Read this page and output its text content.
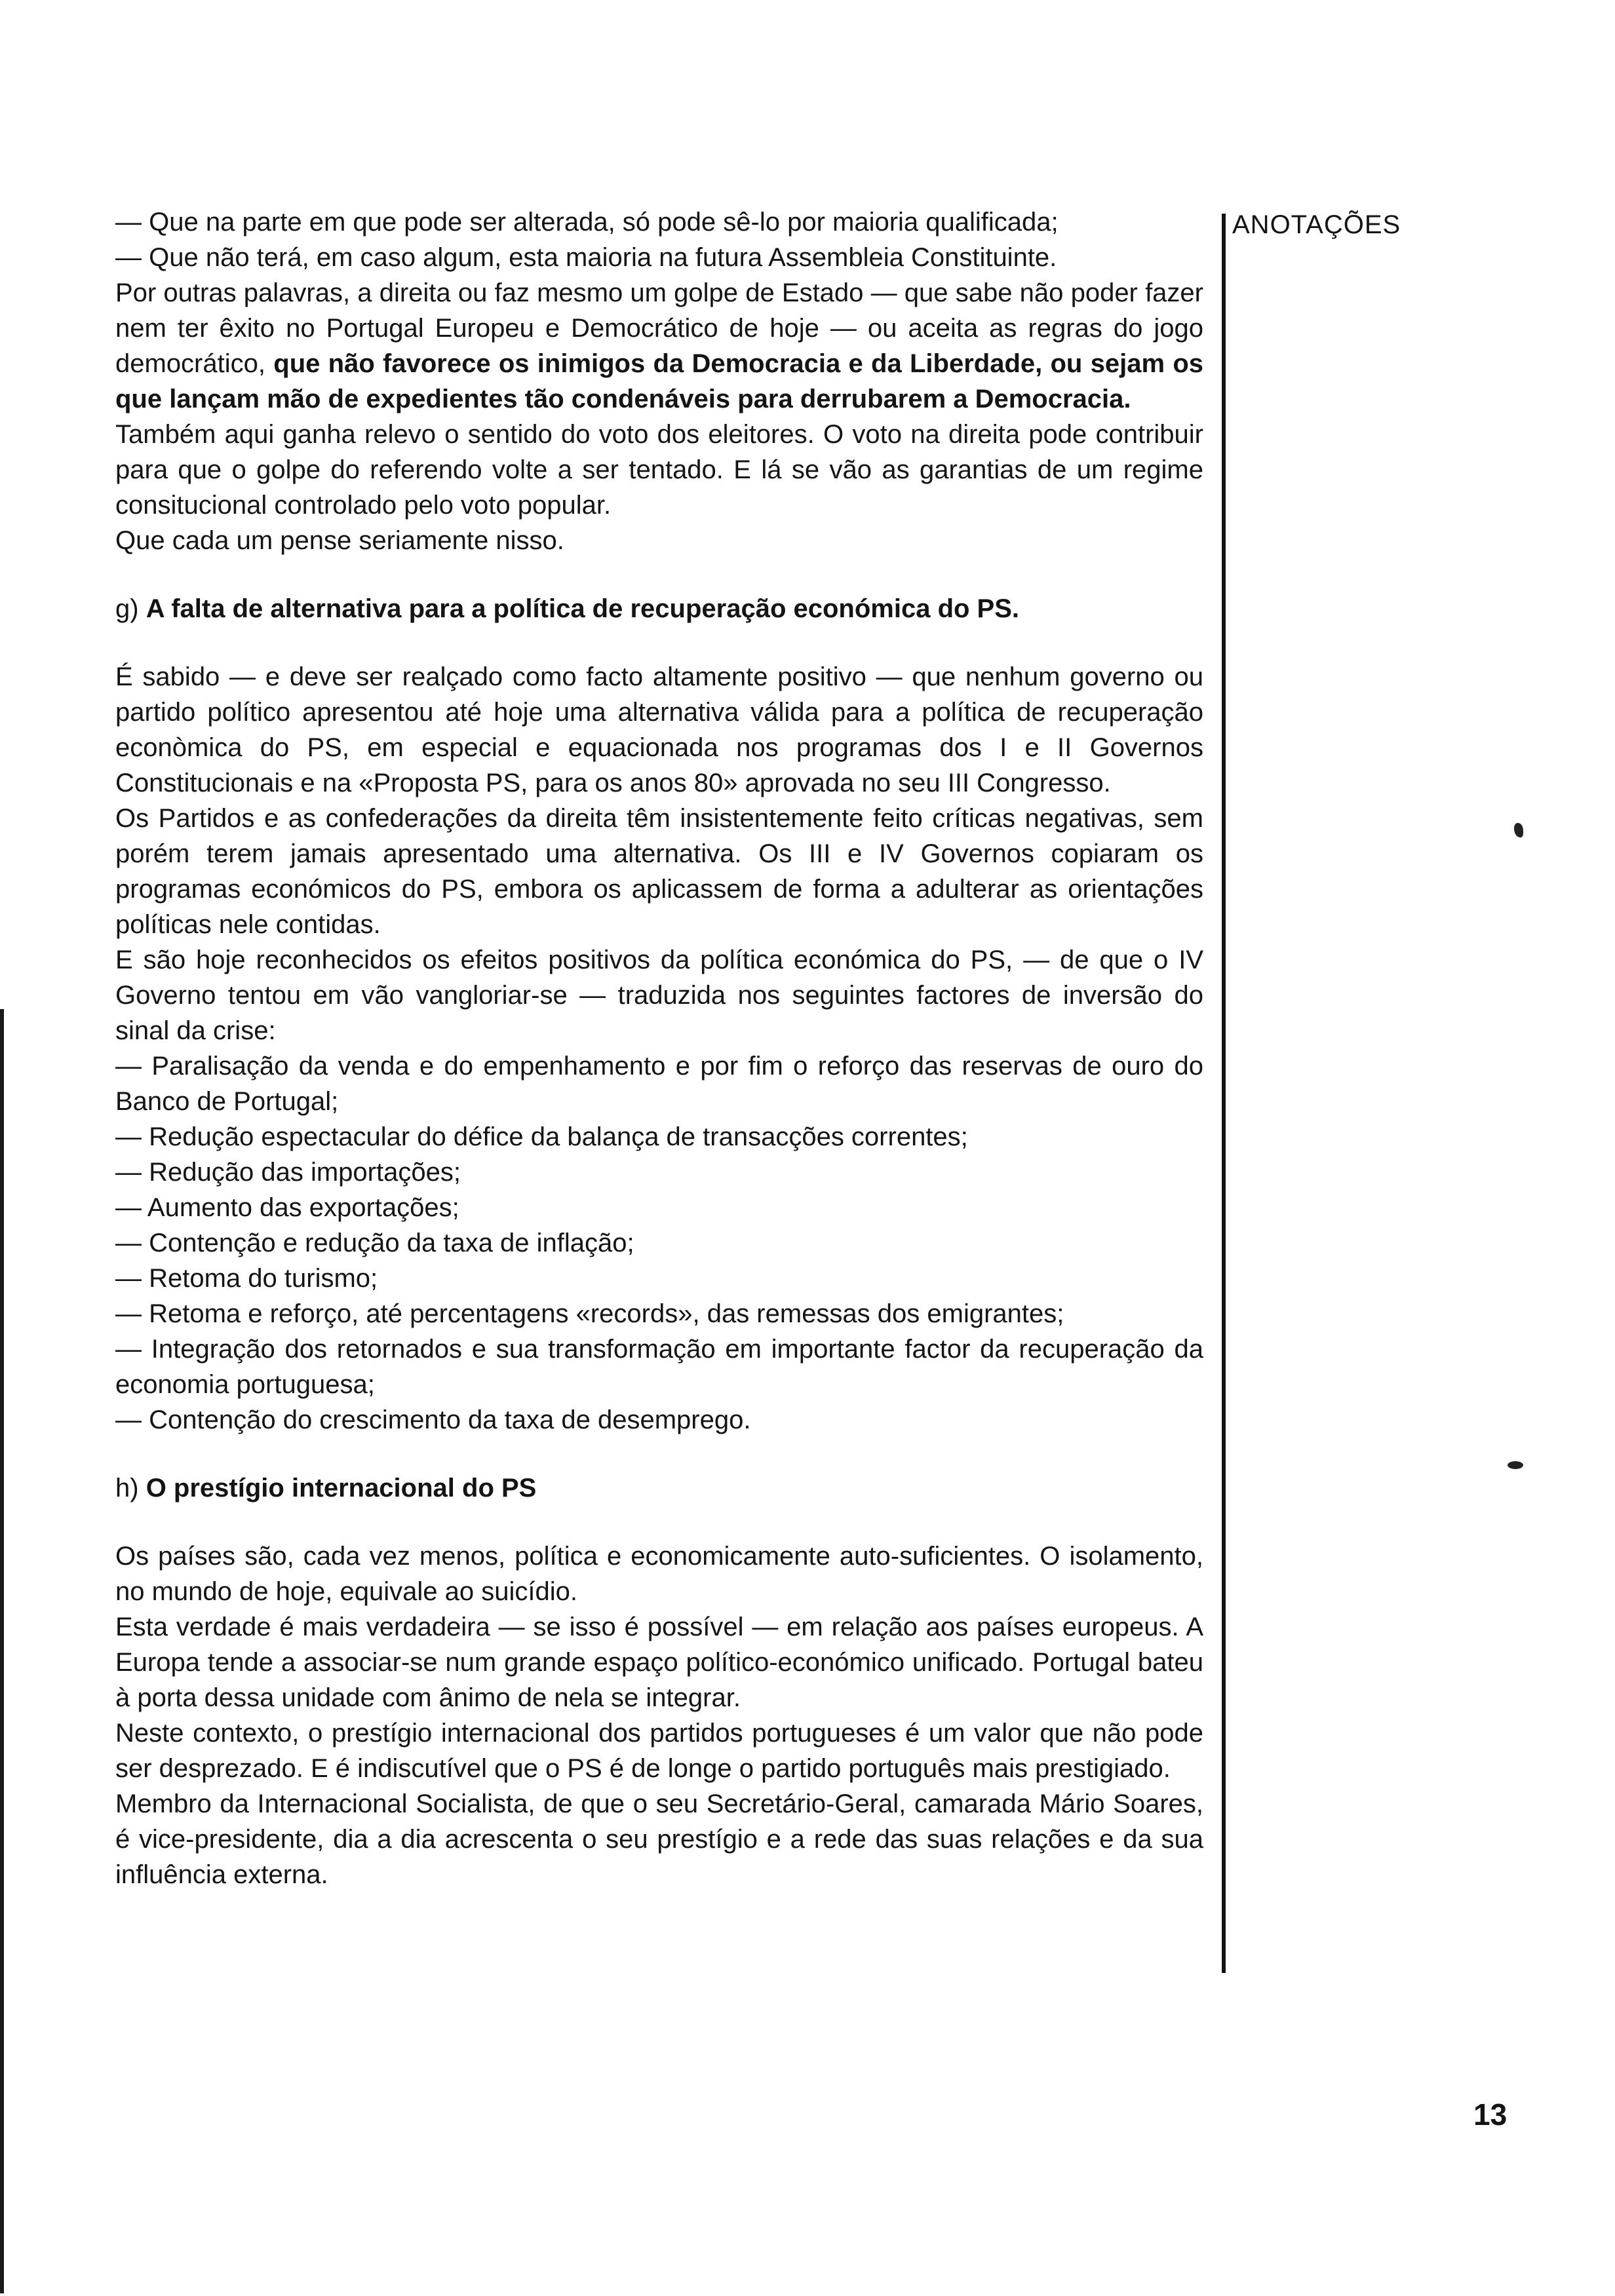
— Que na parte em que pode ser alterada, só pode sê-lo por maioria qualificada;

— Que não terá, em caso algum, esta maioria na futura Assembleia Constituinte.

Por outras palavras, a direita ou faz mesmo um golpe de Estado — que sabe não poder fazer nem ter êxito no Portugal Europeu e Democrático de hoje — ou aceita as regras do jogo democrático, que não favorece os inimigos da Democracia e da Liberdade, ou sejam os que lançam mão de expedientes tão condenáveis para derrubarem a Democracia.

Também aqui ganha relevo o sentido do voto dos eleitores. O voto na direita pode contribuir para que o golpe do referendo volte a ser tentado. E lá se vão as garantias de um regime consitucional controlado pelo voto popular.

Que cada um pense seriamente nisso.

g) A falta de alternativa para a política de recuperação económica do PS.

É sabido — e deve ser realçado como facto altamente positivo — que nenhum governo ou partido político apresentou até hoje uma alternativa válida para a política de recuperação econòmica do PS, em especial e equacionada nos programas dos I e II Governos Constitucionais e na «Proposta PS, para os anos 80» aprovada no seu III Congresso.

Os Partidos e as confederações da direita têm insistentemente feito críticas negativas, sem porém terem jamais apresentado uma alternativa. Os III e IV Governos copiaram os programas económicos do PS, embora os aplicassem de forma a adulterar as orientações políticas nele contidas.

E são hoje reconhecidos os efeitos positivos da política económica do PS, — de que o IV Governo tentou em vão vangloriar-se — traduzida nos seguintes factores de inversão do sinal da crise:

— Paralisação da venda e do empenhamento e por fim o reforço das reservas de ouro do Banco de Portugal;

— Redução espectacular do défice da balança de transacções correntes;

— Redução das importações;

— Aumento das exportações;

— Contenção e redução da taxa de inflação;

— Retoma do turismo;

— Retoma e reforço, até percentagens «records», das remessas dos emigrantes;

— Integração dos retornados e sua transformação em importante factor da recuperação da economia portuguesa;

— Contenção do crescimento da taxa de desemprego.

h) O prestígio internacional do PS

Os países são, cada vez menos, política e economicamente auto-suficientes. O isolamento, no mundo de hoje, equivale ao suicídio.

Esta verdade é mais verdadeira — se isso é possível — em relação aos países europeus. A Europa tende a associar-se num grande espaço político-económico unificado. Portugal bateu à porta dessa unidade com ânimo de nela se integrar.

Neste contexto, o prestígio internacional dos partidos portugueses é um valor que não pode ser desprezado. E é indiscutível que o PS é de longe o partido português mais prestigiado.

Membro da Internacional Socialista, de que o seu Secretário-Geral, camarada Mário Soares, é vice-presidente, dia a dia acrescenta o seu prestígio e a rede das suas relações e da sua influência externa.

ANOTAÇÕES
13
